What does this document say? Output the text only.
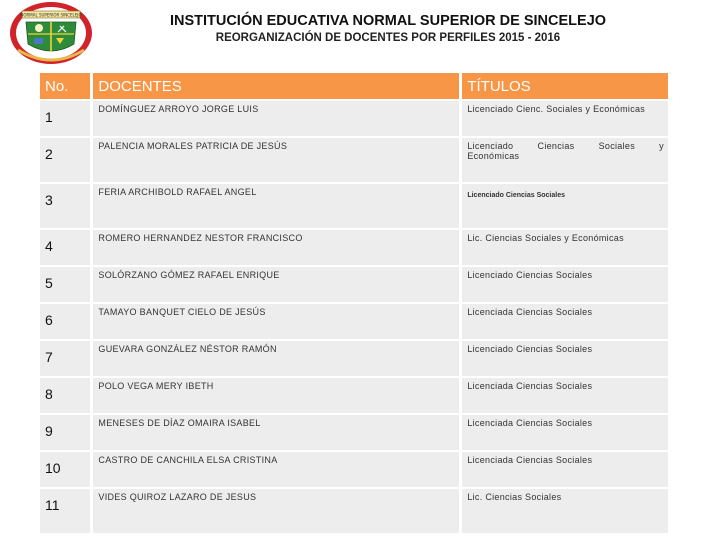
NORMAL SUPERIOR SINCELEJO	INSTITUCIÓN EDUCATIVA NORMAL SUPERIOR DE SINCELEJO
REORGANIZACIÓN DE DOCENTES POR PERFILES 2015 - 2016
No.	DOCENTES	TÍTULOS
1	DOMÍNGUEZ ARROYO JORGE LUIS	Licenciado Cienc. Sociales y Económicas
2	PALENCIA MORALES PATRICIA DE JESÚS	Licenciado Ciencias Sociales y
Económicas

3	FERIA ARCHIBOLD RAFAEL ANGEL	Licenciado Ciencias Sociales
4	ROMERO HERNANDEZ NESTOR FRANCISCO	Lic. Ciencias Sociales y Económicas
5	SOLÓRZANO GÓMEZ RAFAEL ENRIQUE	Licenciado Ciencias Sociales
6	TAMAYO BANQUET CIELO DE JESÚS	Licenciada Ciencias Sociales
7	GUEVARA GONZÁLEZ NÉSTOR RAMÓN	Licenciado Ciencias Sociales
8	POLO VEGA MERY IBETH	Licenciada Ciencias Sociales
9	MENESES DE DÍAZ OMAIRA ISABEL	Licenciada Ciencias Sociales
10	CASTRO DE CANCHILA ELSA CRISTINA	Licenciada Ciencias Sociales
11	VIDES QUIROZ LAZARO DE JESUS	Lic. Ciencias Sociales
